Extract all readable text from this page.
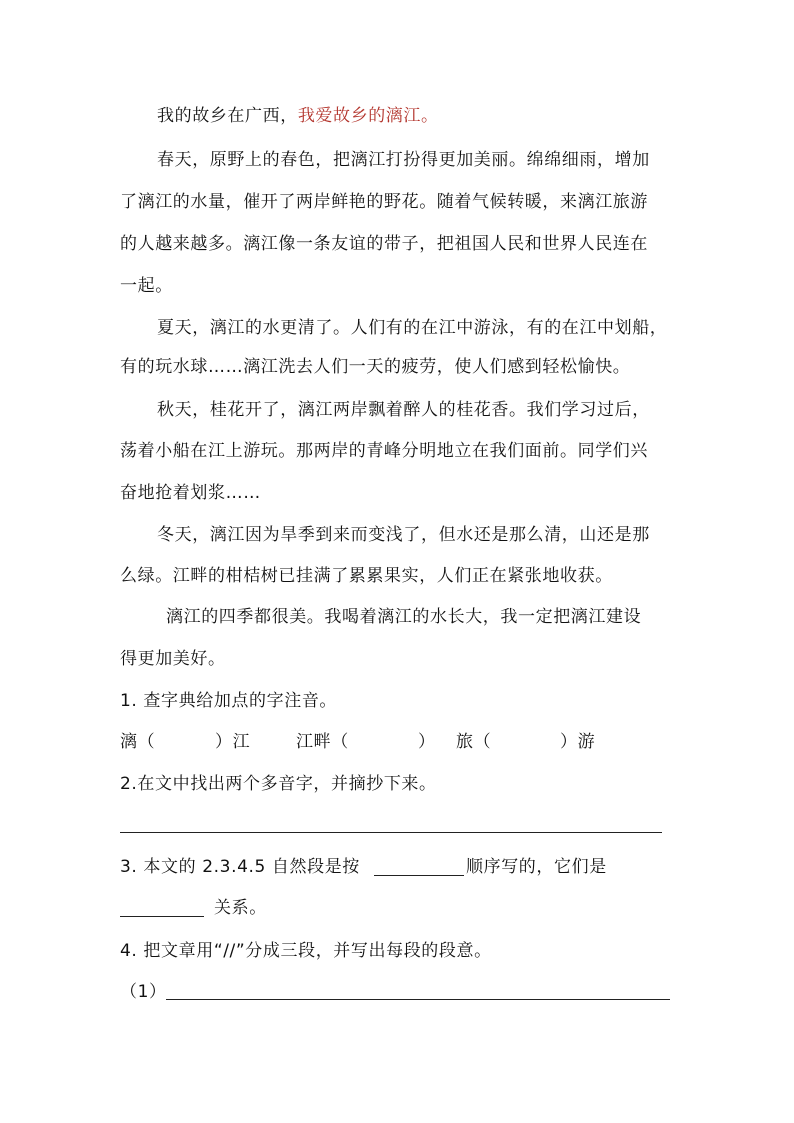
我的故乡在广西，我爱故乡的漓江。
春天，原野上的春色，把漓江打扮得更加美丽。绵绵细雨，增加
了漓江的水量，催开了两岸鲜艳的野花。随着气候转暖，来漓江旅游
的人越来越多。漓江像一条友谊的带子，把祖国人民和世界人民连在
一起。
夏天，漓江的水更清了。人们有的在江中游泳，有的在江中划船，
有的玩水球……漓江洗去人们一天的疲劳，使人们感到轻松愉快。
秋天，桂花开了，漓江两岸飘着醉人的桂花香。我们学习过后，
荡着小船在江上游玩。那两岸的青峰分明地立在我们面前。同学们兴
奋地抢着划浆……
冬天，漓江因为旱季到来而变浅了，但水还是那么清，山还是那
么绿。江畔的柑桔树已挂满了累累果实，人们正在紧张地收获。
漓江的四季都很美。我喝着漓江的水长大，我一定把漓江建设
得更加美好。
1. 查字典给加点的字注音。
漓（	）江	江畔（	） 旅（	）游
2.在文中找出两个多音字，并摘抄下来。
3. 本文的 2.3.4.5 自然段是按	顺序写的，它们是
关系。
4. 把文章用“//”分成三段，并写出每段的段意。
（1）
